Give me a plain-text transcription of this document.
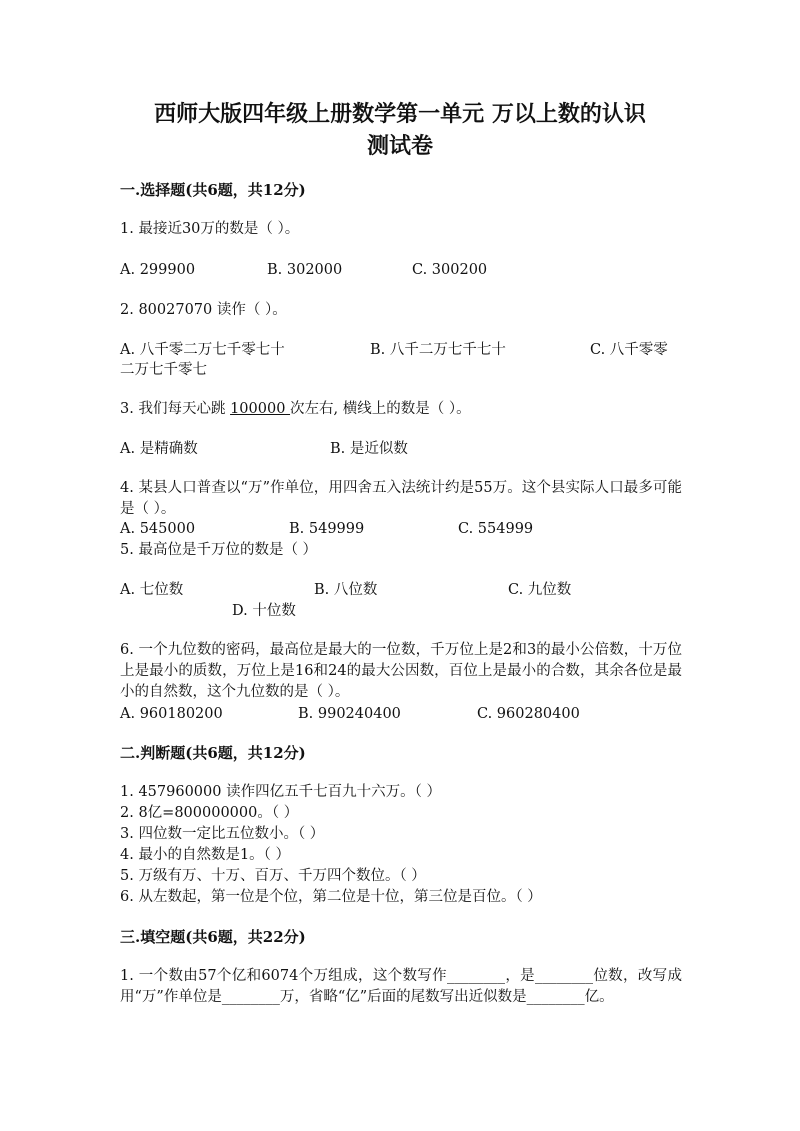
西师大版四年级上册数学第一单元 万以上数的认识
测试卷
一.选择题(共6题，共12分)
1. 最接近30万的数是（ ）。
A. 299900	B. 302000	C. 300200
2. 80027070 读作（ ）。
A. 八千零二万七千零七十	B. 八千二万七千七十	C. 八千零零
二万七千零七
3. 我们每天心跳 100000 次左右, 横线上的数是（ ）。
A. 是精确数	B. 是近似数
4. 某县人口普查以“万”作单位，用四舍五入法统计约是55万。这个县实际人口最多可能是（ ）。
A. 545000	B. 549999	C. 554999
5. 最高位是千万位的数是（ ）
A. 七位数	B. 八位数	C. 九位数
D. 十位数
6. 一个九位数的密码，最高位是最大的一位数，千万位上是2和3的最小公倍数，十万位上是最小的质数，万位上是16和24的最大公因数，百位上是最小的合数，其余各位是最小的自然数，这个九位数的是（ ）。
A. 960180200	B. 990240400	C. 960280400
二.判断题(共6题，共12分)
1. 457960000 读作四亿五千七百九十六万。（ ）
2. 8亿=800000000。（ ）
3. 四位数一定比五位数小。（ ）
4. 最小的自然数是1。（ ）
5. 万级有万、十万、百万、千万四个数位。（ ）
6. 从左数起，第一位是个位，第二位是十位，第三位是百位。（ ）
三.填空题(共6题，共22分)
1. 一个数由57个亿和6074个万组成，这个数写作________，是________位数，改写成用“万”作单位是________万，省略“亿”后面的尾数写出近似数是________亿。
